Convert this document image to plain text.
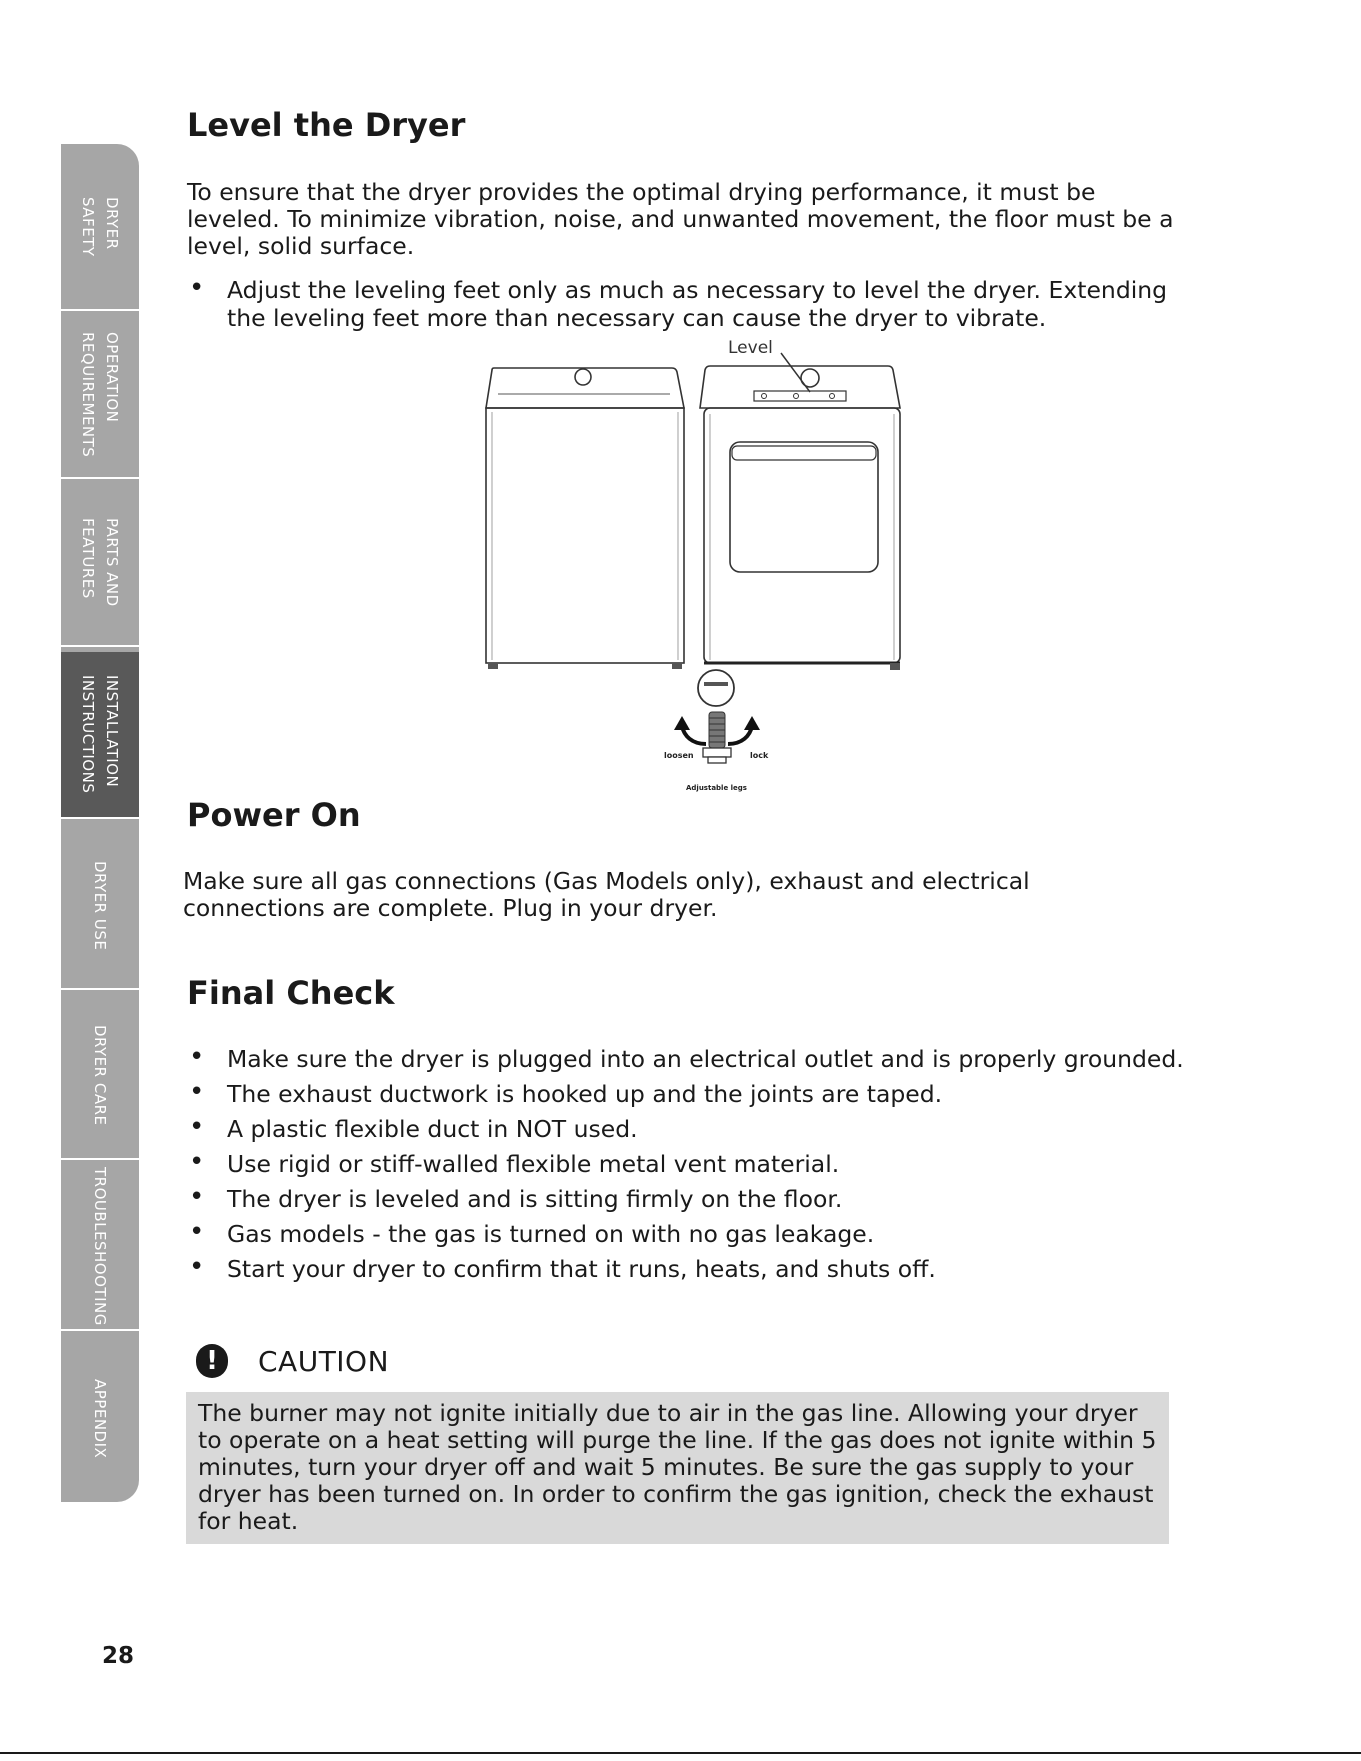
DRYER
SAFETY
OPERATION
REQUIREMENTS
PARTS AND
FEATURES
INSTALLATION
INSTRUCTIONS
DRYER USE
DRYER CARE
TROUBLESHOOTING
APPENDIX
Level the Dryer

To ensure that the dryer provides the optimal drying performance, it must be leveled. To minimize vibration, noise, and unwanted movement, the floor must be a level, solid surface.

• Adjust the leveling feet only as much as necessary to level the dryer. Extending the leveling feet more than necessary can cause the dryer to vibrate.
Level
loosen	lock
Adjustable legs
Power On

Make sure all gas connections (Gas Models only), exhaust and electrical connections are complete. Plug in your dryer.

Final Check
• Make sure the dryer is plugged into an electrical outlet and is properly grounded.
• The exhaust ductwork is hooked up and the joints are taped.
• A plastic flexible duct in NOT used.
• Use rigid or stiff-walled flexible metal vent material.
• The dryer is leveled and is sitting firmly on the floor.
• Gas models - the gas is turned on with no gas leakage.
• Start your dryer to confirm that it runs, heats, and shuts off.
!	CAUTION

The burner may not ignite initially due to air in the gas line. Allowing your dryer to operate on a heat setting will purge the line. If the gas does not ignite within 5 minutes, turn your dryer off and wait 5 minutes. Be sure the gas supply to your dryer has been turned on. In order to confirm the gas ignition, check the exhaust for heat.

28
